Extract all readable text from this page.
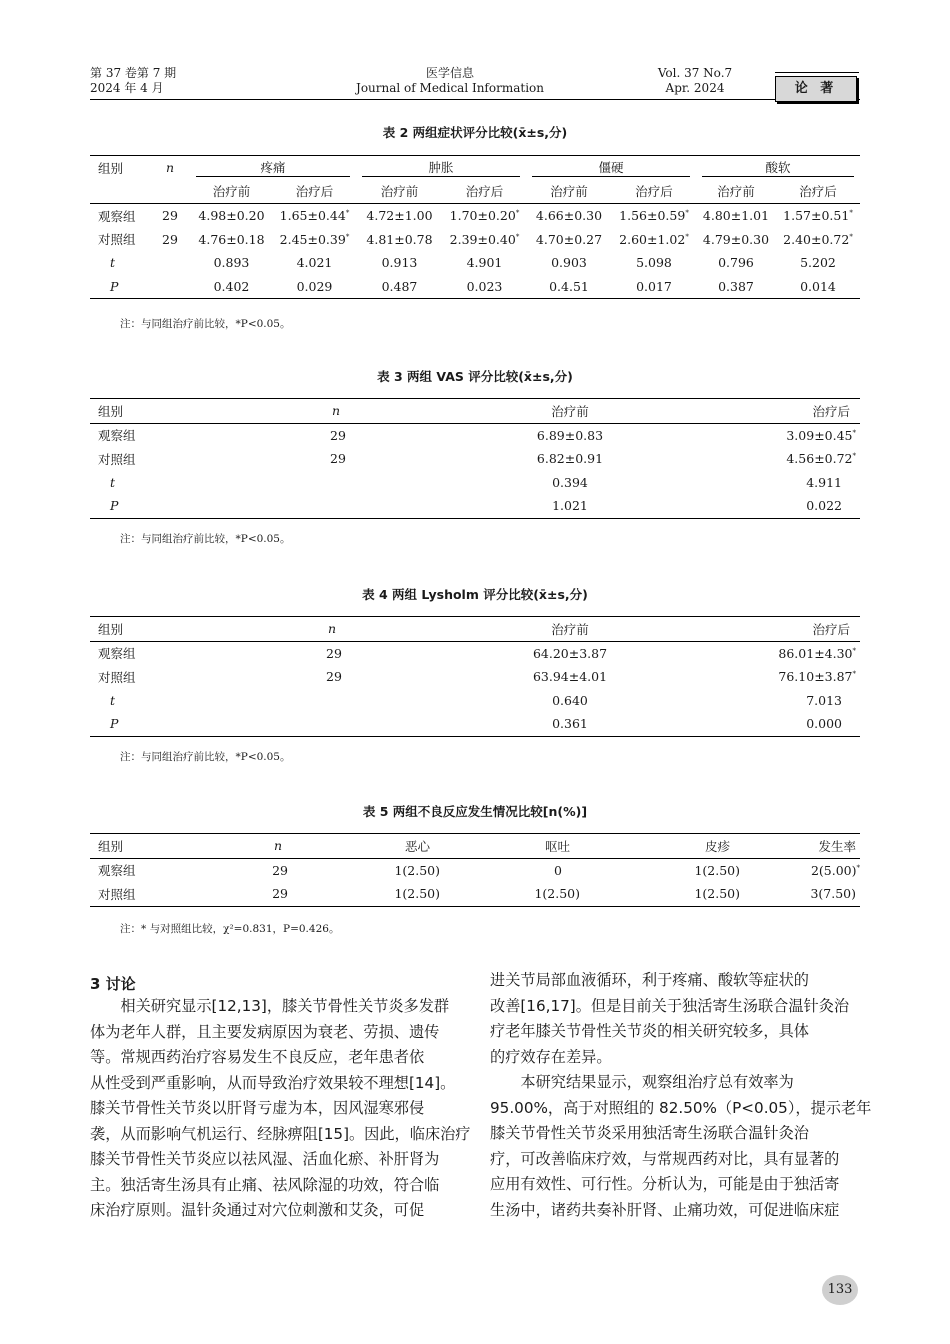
第 37 卷第 7 期
2024 年 4 月
医学信息
Journal of Medical Information
Vol. 37 No.7
Apr. 2024	论 著
表 2 两组症状评分比较(x̄±s,分)
组别	n	疼痛		肿胀		僵硬		酸软	

		治疗前	治疗后	治疗前	治疗后	治疗前	治疗后	治疗前	治疗后
观察组	29	4.98±0.20	1.65±0.44*	4.72±1.00	1.70±0.20*	4.66±0.30	1.56±0.59*	4.80±1.01	1.57±0.51*
对照组	29	4.76±0.18	2.45±0.39*	4.81±0.78	2.39±0.40*	4.70±0.27	2.60±1.02*	4.79±0.30	2.40±0.72*
t		0.893	4.021	0.913	4.901	0.903	5.098	0.796	5.202
P		0.402	0.029	0.487	0.023	0.4.51	0.017	0.387	0.014
注：与同组治疗前比较，*P<0.05。
表 3 两组 VAS 评分比较(x̄±s,分)
组别	n	治疗前	治疗后
观察组	29	6.89±0.83	3.09±0.45*
对照组	29	6.82±0.91	4.56±0.72*
t		0.394	4.911
P		1.021	0.022
注：与同组治疗前比较，*P<0.05。
表 4 两组 Lysholm 评分比较(x̄±s,分)
组别	n	治疗前	治疗后
观察组	29	64.20±3.87	86.01±4.30*
对照组	29	63.94±4.01	76.10±3.87*
t		0.640	7.013
P		0.361	0.000
注：与同组治疗前比较，*P<0.05。
表 5 两组不良反应发生情况比较[n(%)]
组别	n	恶心	呕吐	皮疹	发生率
观察组	29	1(2.50)	0	1(2.50)	2(5.00)*
对照组	29	1(2.50)	1(2.50)	1(2.50)	3(7.50)
注：* 与对照组比较，χ²=0.831，P=0.426。
3 讨论
相关研究显示[12,13]，膝关节骨性关节炎多发群
体为老年人群，且主要发病原因为衰老、劳损、遗传
等。常规西药治疗容易发生不良反应，老年患者依
从性受到严重影响，从而导致治疗效果较不理想[14]。
膝关节骨性关节炎以肝肾亏虚为本，因风湿寒邪侵
袭，从而影响气机运行、经脉痹阻[15]。因此，临床治疗
膝关节骨性关节炎应以祛风湿、活血化瘀、补肝肾为
主。独活寄生汤具有止痛、祛风除湿的功效，符合临
床治疗原则。温针灸通过对穴位刺激和艾灸，可促
进关节局部血液循环，利于疼痛、酸软等症状的
改善[16,17]。但是目前关于独活寄生汤联合温针灸治
疗老年膝关节骨性关节炎的相关研究较多，具体
的疗效存在差异。
本研究结果显示，观察组治疗总有效率为
95.00%，高于对照组的 82.50%（P<0.05），提示老年
膝关节骨性关节炎采用独活寄生汤联合温针灸治
疗，可改善临床疗效，与常规西药对比，具有显著的
应用有效性、可行性。分析认为，可能是由于独活寄
生汤中，诸药共奏补肝肾、止痛功效，可促进临床症
133
